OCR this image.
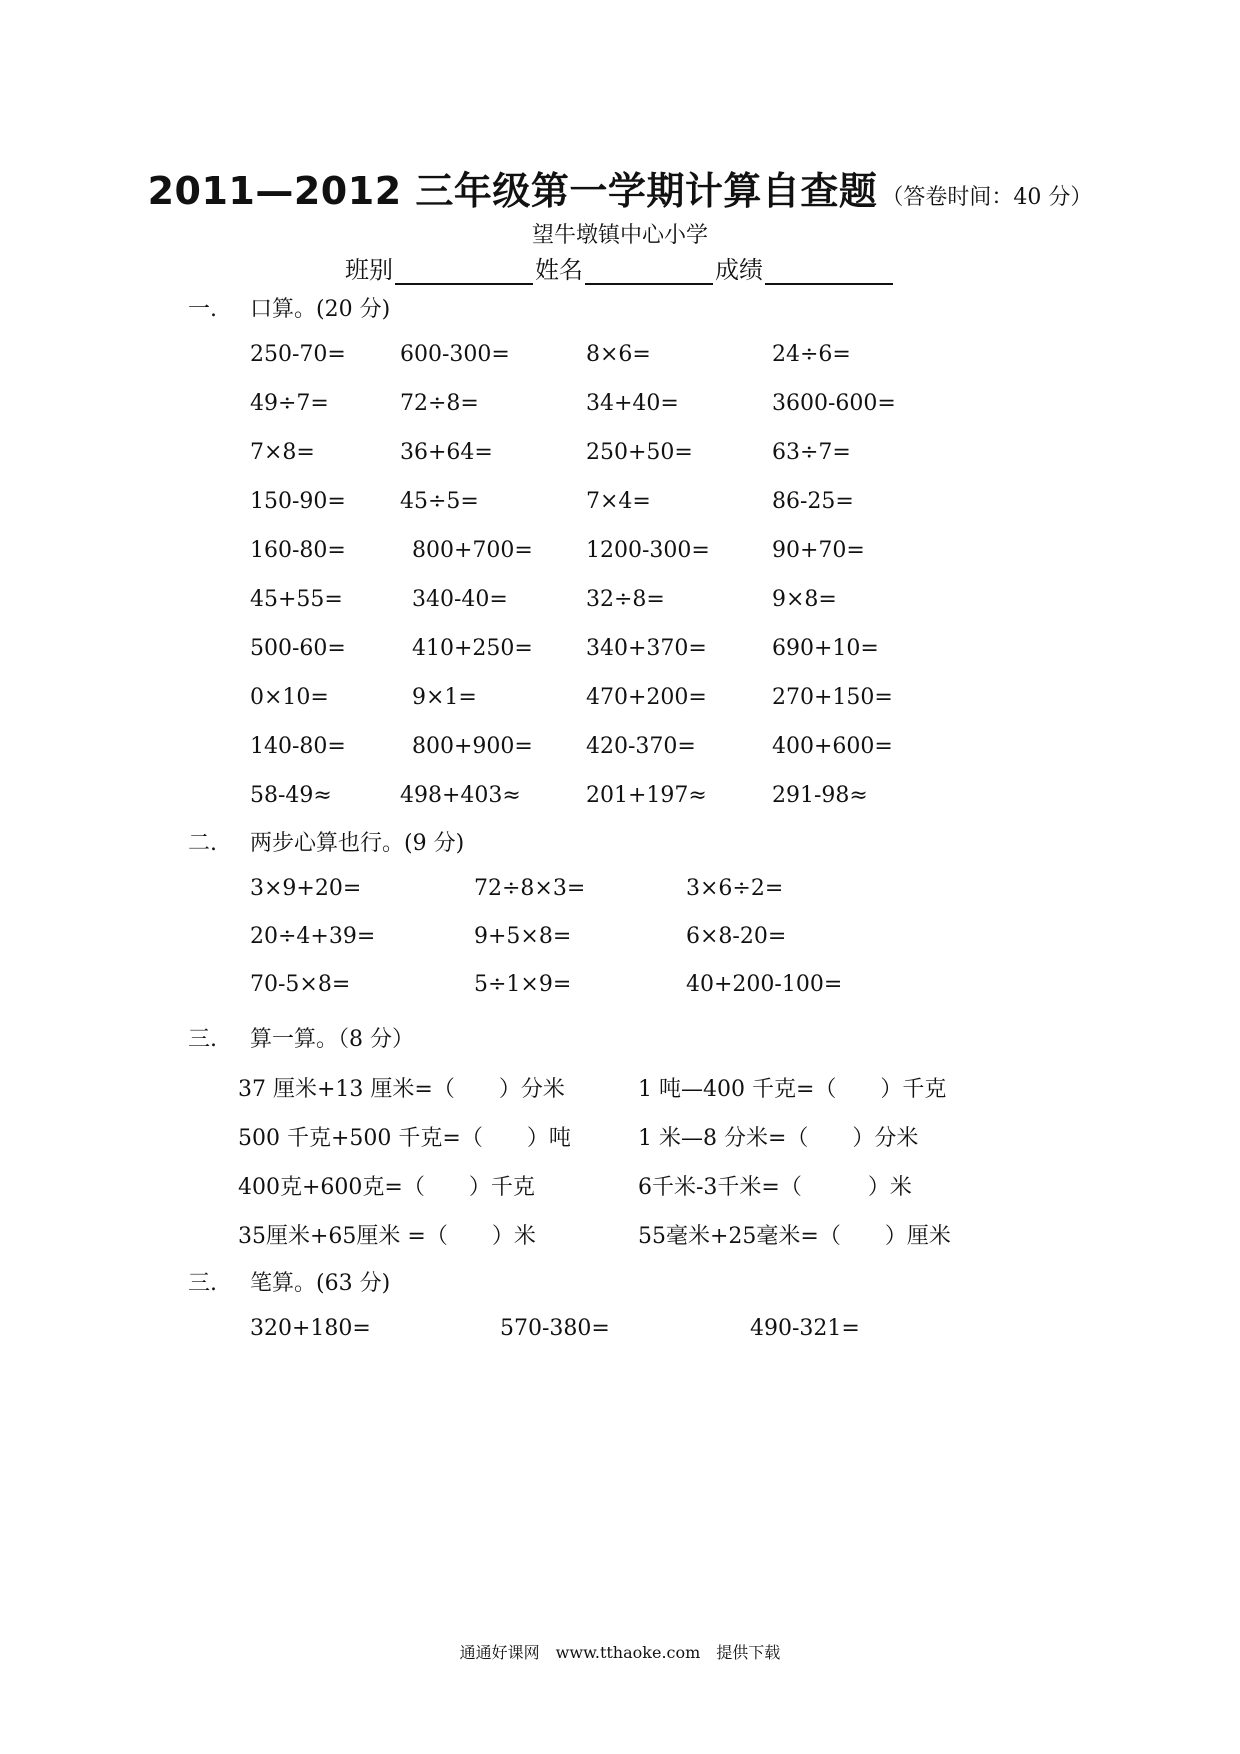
2011—2012 三年级第一学期计算自查题 （答卷时间：40 分）
望牛墩镇中心小学
班别	姓名	成绩
一. 口算。(20 分)
250-70= 600-300=	8×6=	24÷6=
49÷7=	72÷8=	34+40=	3600-600=
7×8=	36+64=	250+50=	63÷7=
150-90= 45÷5=	7×4=	86-25=
160-80=	800+700= 1200-300=	90+70=
45+55=	340-40=	32÷8=	9×8=
500-60=	410+250= 340+370=	690+10=
0×10=	9×1=	470+200=	270+150=
140-80=	800+900= 420-370=	400+600=
58-49≈	498+403≈	201+197≈	291-98≈
二. 两步心算也行。(9 分)
3×9+20=	72÷8×3=	3×6÷2=
20÷4+39=	9+5×8=	6×8-20=
70-5×8=	5÷1×9=	40+200-100=
三. 算一算。（8 分）
37 厘米+13 厘米=（　　）分米	1 吨—400 千克=（　　）千克
500 千克+500 千克=（　　）吨	1 米—8 分米=（　　）分米
400克+600克=（　　）千克	6千米-3千米=（　　　）米
35厘米+65厘米 =（　　）米	55毫米+25毫米=（　　）厘米
三. 笔算。(63 分)
320+180=	570-380=	490-321=
通通好课网　www.tthaoke.com　提供下载
